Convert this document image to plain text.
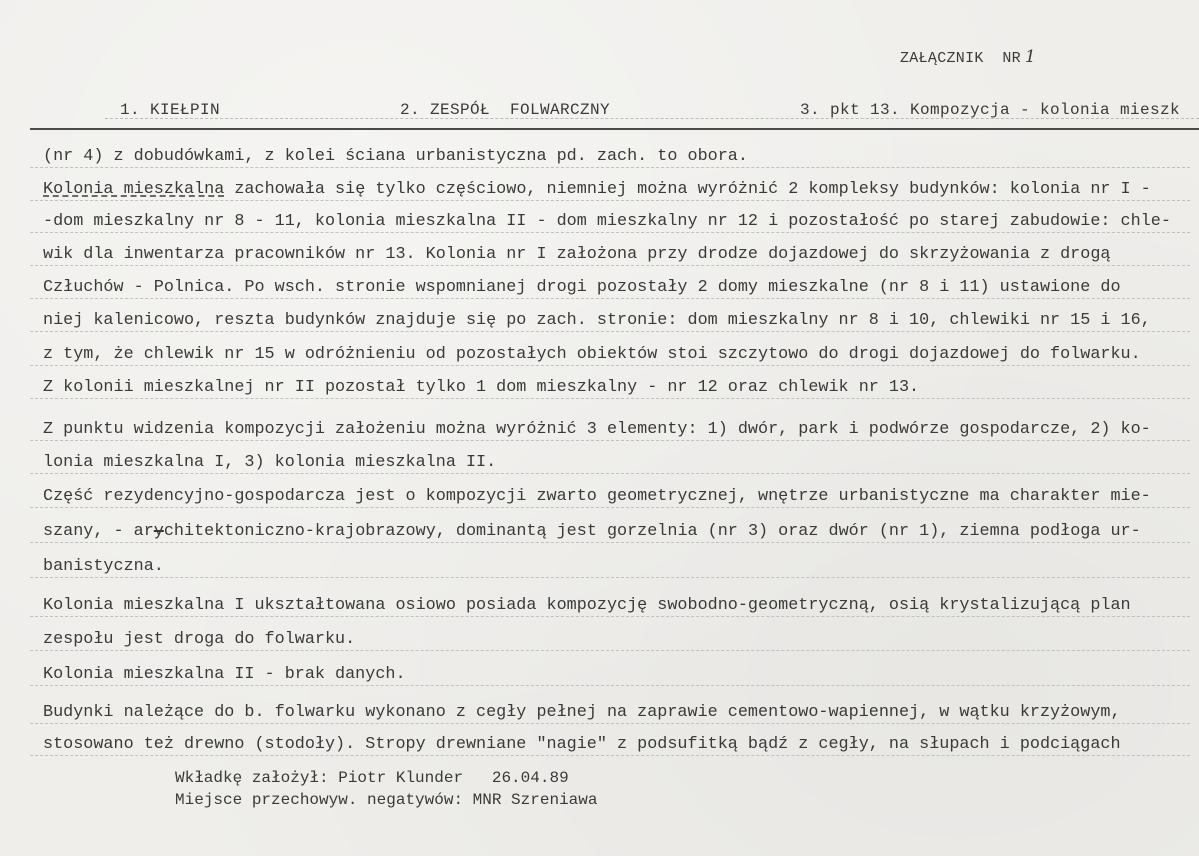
ZAŁĄCZNIK  NR 1
1. KIEŁPIN	2. ZESPÓŁ  FOLWARCZNY	3. pkt 13. Kompozycja - kolonia mieszk
(nr 4) z dobudówkami, z kolei ściana urbanistyczna pd. zach. to obora.
Kolonia mieszkalna zachowała się tylko częściowo, niemniej można wyróżnić 2 kompleksy budynków: kolonia nr I -
-dom mieszkalny nr 8 - 11, kolonia mieszkalna II - dom mieszkalny nr 12 i pozostałość po starej zabudowie: chle-
wik dla inwentarza pracowników nr 13. Kolonia nr I założona przy drodze dojazdowej do skrzyżowania z drogą
Człuchów - Polnica. Po wsch. stronie wspomnianej drogi pozostały 2 domy mieszkalne (nr 8 i 11) ustawione do
niej kalenicowo, reszta budynków znajduje się po zach. stronie: dom mieszkalny nr 8 i 10, chlewiki nr 15 i 16,
z tym, że chlewik nr 15 w odróżnieniu od pozostałych obiektów stoi szczytowo do drogi dojazdowej do folwarku.
Z kolonii mieszkalnej nr II pozostał tylko 1 dom mieszkalny - nr 12 oraz chlewik nr 13.
Z punktu widzenia kompozycji założeniu można wyróżnić 3 elementy: 1) dwór, park i podwórze gospodarcze, 2) ko-
lonia mieszkalna I, 3) kolonia mieszkalna II.
Część rezydencyjno-gospodarcza jest o kompozycji zwarto geometrycznej, wnętrze urbanistyczne ma charakter mie-
szany, - arychitektoniczno-krajobrazowy, dominantą jest gorzelnia (nr 3) oraz dwór (nr 1), ziemna podłoga ur-
banistyczna.
Kolonia mieszkalna I ukształtowana osiowo posiada kompozycję swobodno-geometryczną, osią krystalizującą plan
zespołu jest droga do folwarku.
Kolonia mieszkalna II - brak danych.
Budynki należące do b. folwarku wykonano z cegły pełnej na zaprawie cementowo-wapiennej, w wątku krzyżowym,
stosowano też drewno (stodoły). Stropy drewniane "nagie" z podsufitką bądź z cegły, na słupach i podciągach
Wkładkę założył: Piotr Klunder   26.04.89
Miejsce przechowyw. negatywów: MNR Szreniawa
